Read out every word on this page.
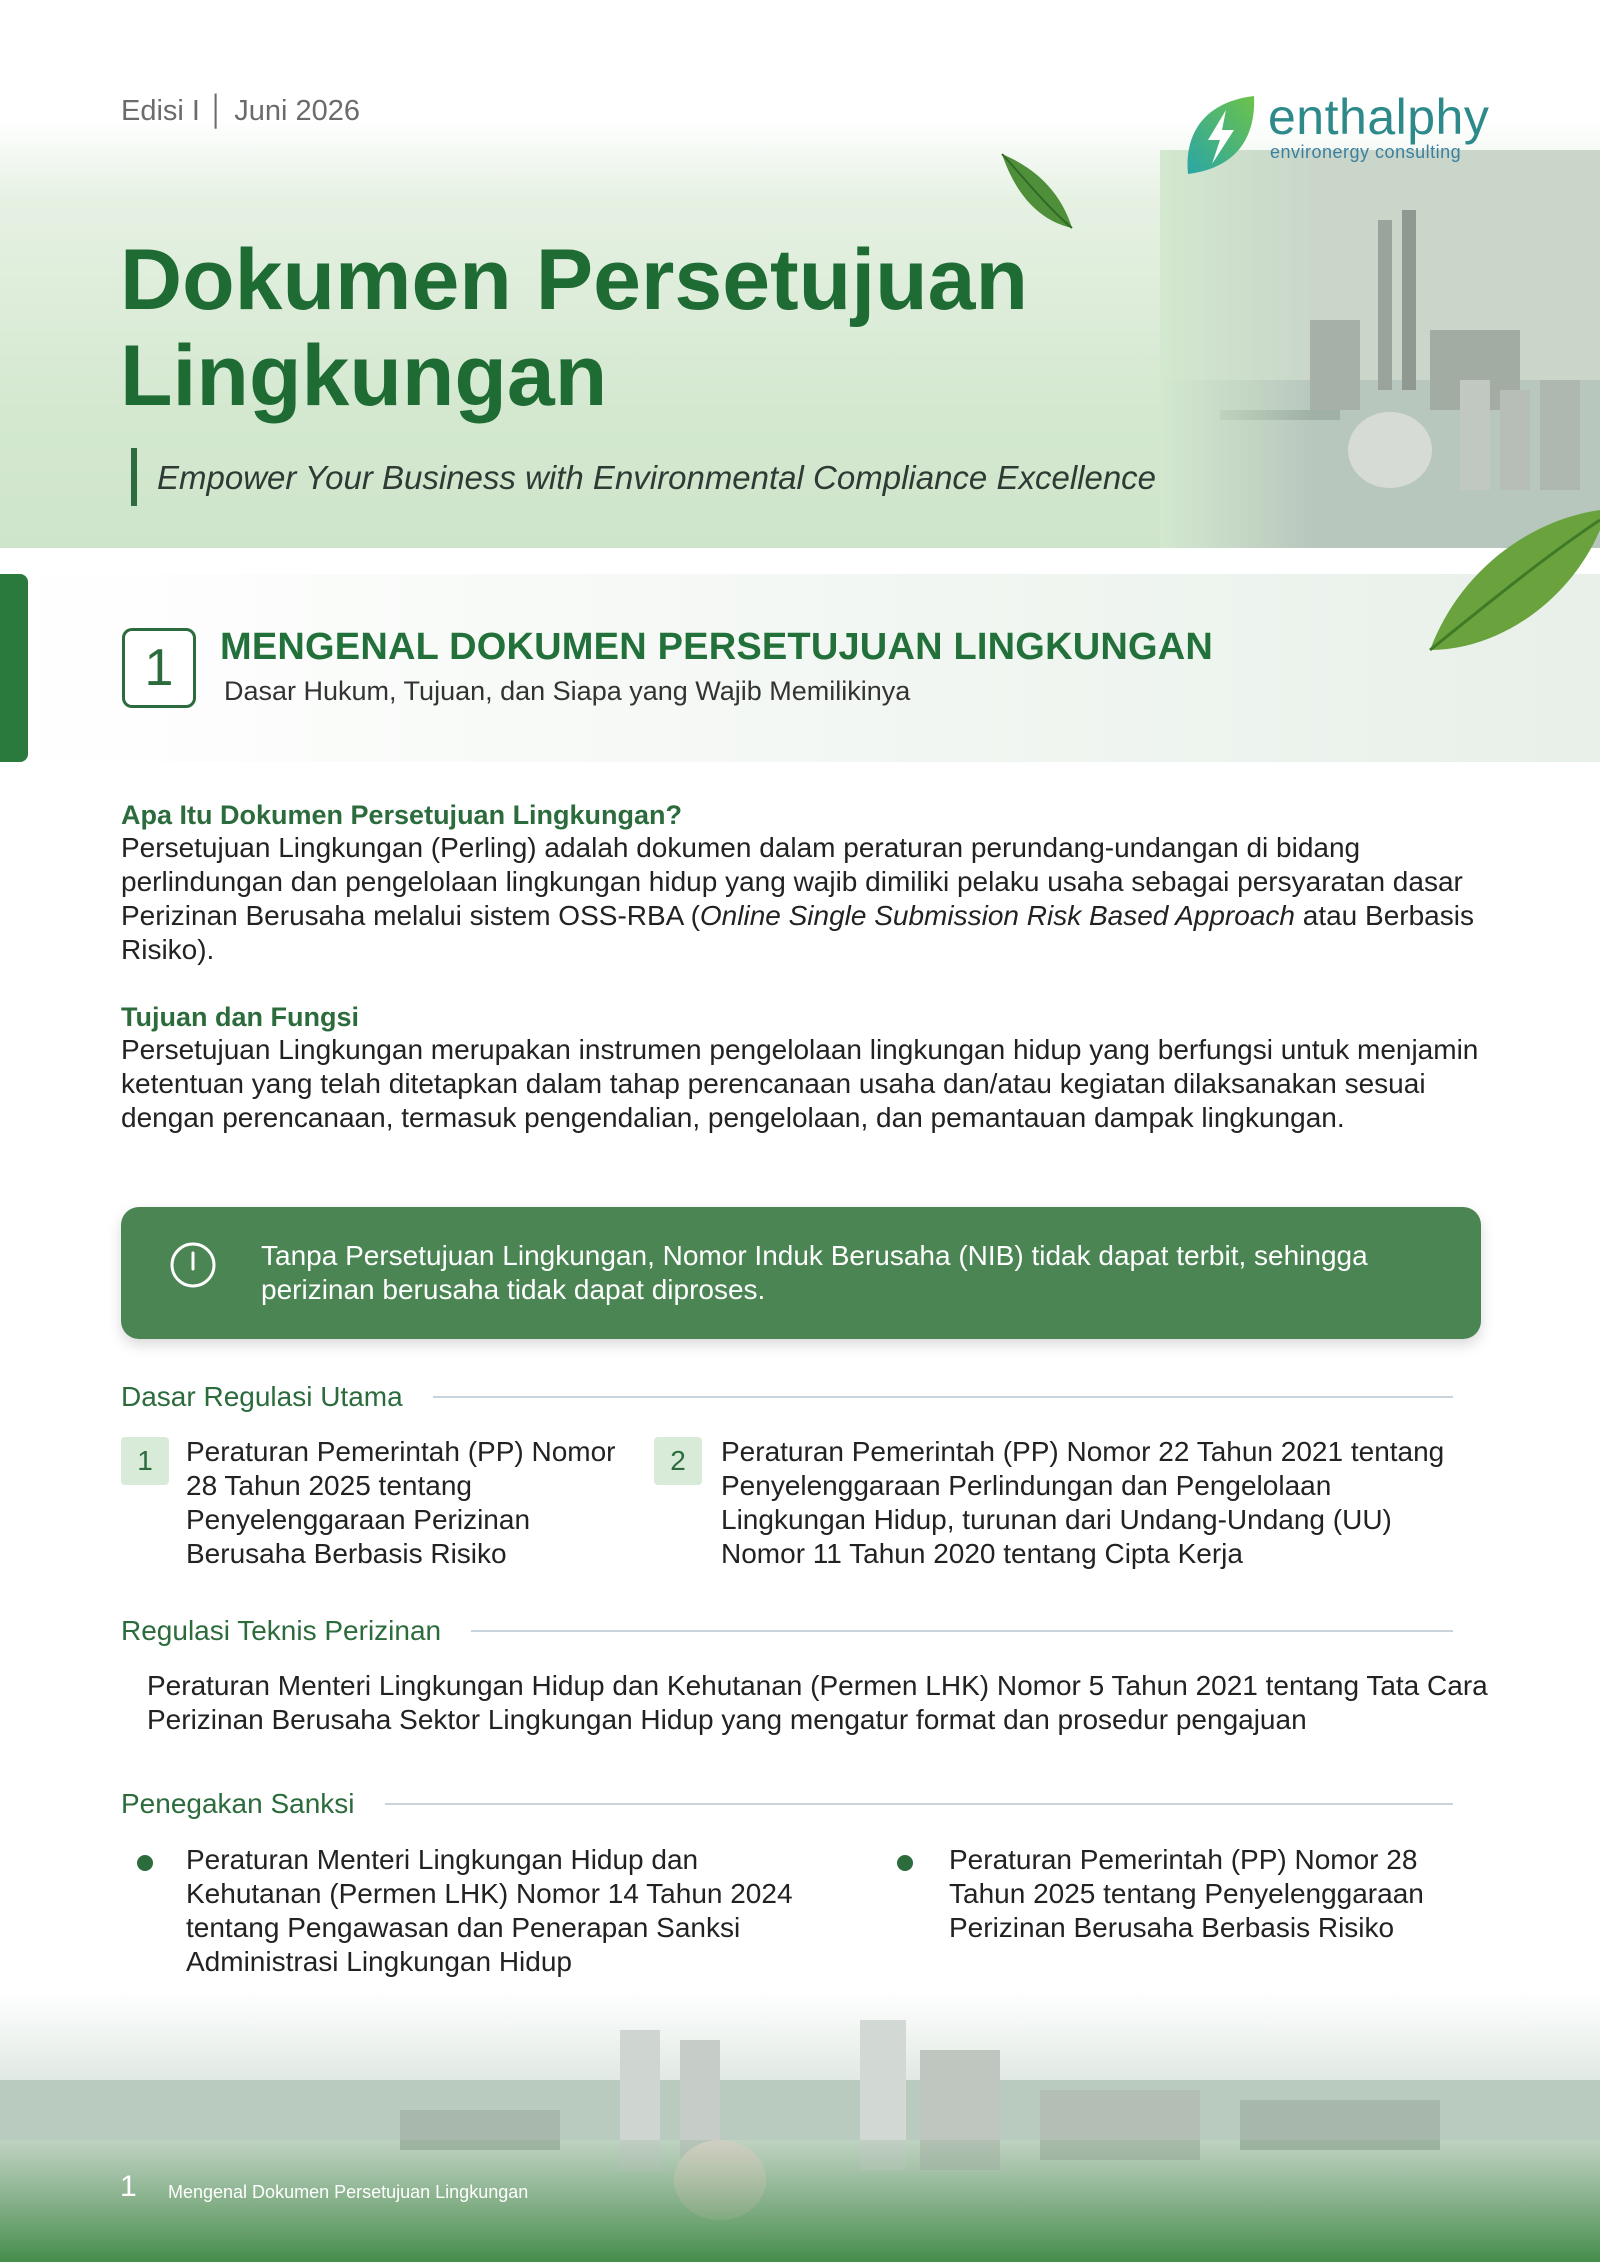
Edisi I │ Juni 2026	enthalphy
environergy consulting
Dokumen Persetujuan Lingkungan
Empower Your Business with Environmental Compliance Excellence
1	MENGENAL DOKUMEN PERSETUJUAN LINGKUNGAN
Dasar Hukum, Tujuan, dan Siapa yang Wajib Memilikinya
Apa Itu Dokumen Persetujuan Lingkungan?

Persetujuan Lingkungan (Perling) adalah dokumen dalam peraturan perundang-undangan di bidang perlindungan dan pengelolaan lingkungan hidup yang wajib dimiliki pelaku usaha sebagai persyaratan dasar Perizinan Berusaha melalui sistem OSS-RBA (Online Single Submission Risk Based Approach atau Berbasis Risiko).

Tujuan dan Fungsi

Persetujuan Lingkungan merupakan instrumen pengelolaan lingkungan hidup yang berfungsi untuk menjamin ketentuan yang telah ditetapkan dalam tahap perencanaan usaha dan/atau kegiatan dilaksanakan sesuai dengan perencanaan, termasuk pengendalian, pengelolaan, dan pemantauan dampak lingkungan.

Tanpa Persetujuan Lingkungan, Nomor Induk Berusaha (NIB) tidak dapat terbit, sehingga perizinan berusaha tidak dapat diproses.
Dasar Regulasi Utama
1	Peraturan Pemerintah (PP) Nomor 28 Tahun 2025 tentang Penyelenggaraan Perizinan Berusaha Berbasis Risiko
2	Peraturan Pemerintah (PP) Nomor 22 Tahun 2021 tentang Penyelenggaraan Perlindungan dan Pengelolaan Lingkungan Hidup, turunan dari Undang-Undang (UU) Nomor 11 Tahun 2020 tentang Cipta Kerja
Regulasi Teknis Perizinan
Peraturan Menteri Lingkungan Hidup dan Kehutanan (Permen LHK) Nomor 5 Tahun 2021 tentang Tata Cara Perizinan Berusaha Sektor Lingkungan Hidup yang mengatur format dan prosedur pengajuan
Penegakan Sanksi
Peraturan Menteri Lingkungan Hidup dan Kehutanan (Permen LHK) Nomor 14 Tahun 2024 tentang Pengawasan dan Penerapan Sanksi Administrasi Lingkungan Hidup
Peraturan Pemerintah (PP) Nomor 28 Tahun 2025 tentang Penyelenggaraan Perizinan Berusaha Berbasis Risiko
1 Mengenal Dokumen Persetujuan Lingkungan
